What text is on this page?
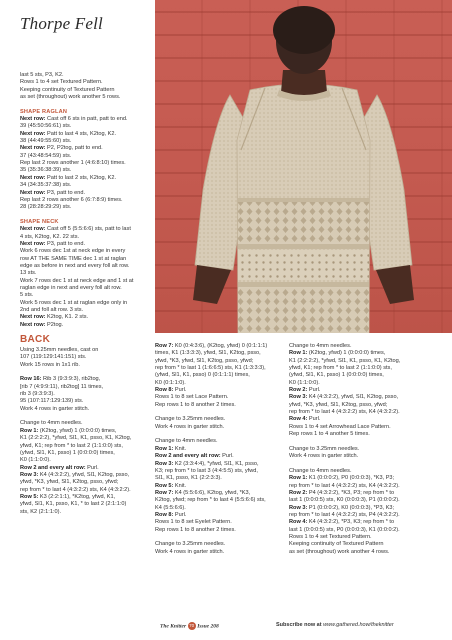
Thorpe Fell

last 5 sts, P3, K2.

Rows 1 to 4 set Textured Pattern.

Keeping continuity of Textured Pattern

as set (throughout) work another 5 rows.

SHAPE RAGLAN

Next row: Cast off 6 sts in patt, patt to end.

39 (45:50:56:61) sts.

Next row: Patt to last 4 sts, K2tog, K2.

38 (44:49:55:60) sts.

Next row: P2, P2tog, patt to end.

37 (43:48:54:59) sts.

Rep last 2 rows another 1 (4:6:8:10) times.

35 (35:36:38:39) sts.

Next row: Patt to last 2 sts, K2tog, K2.

34 (34:35:37:38) sts.

Next row: P3, patt to end.

Rep last 2 rows another 6 (6:7:8:9) times.

28 (28:28:29:29) sts.

SHAPE NECK

Next row: Cast off 5 (5:5:6:6) sts, patt to last

4 sts, K2tog, K2. 22 sts.

Next row: P3, patt to end.

Work 6 rows dec 1st at neck edge in every

row AT THE SAME TIME dec 1 st at raglan

edge as before in next and every foll alt row.

13 sts.

Work 7 rows dec 1 st at neck edge and 1 st at

raglan edge in next and every foll alt row.

5 sts.

Work 5 rows dec 1 st at raglan edge only in

2nd and foll alt row. 3 sts.

Next row: K2tog, K1. 2 sts.

Next row: P2tog.

BACK

Using 3.25mm needles, cast on

107 (119:129:141:151) sts.

Work 15 rows in 1x1 rib.

Row 16: Rib 3 (9:3:9:3), rib2tog,

[rib 7 (4:9:9:11), rib2tog] 11 times,

rib 3 (9:3:9:3).

95 (107:117:129:139) sts.

Work 4 rows in garter stitch.

Change to 4mm needles.

Row 1: (K2tog, yfwd) 1 (0:0:0:0) times,

K1 (2:2:2:2), *yfwd, Sl1, K1, psso, K1, K2tog,

yfwd, K1; rep from * to last 2 (1:1:0:0) sts,

(yfwd, Sl1, K1, psso) 1 (0:0:0:0) times,

K0 (1:1:0:0).

Row 2 and every alt row: Purl.

Row 3: K4 (4:3:2:2), yfwd, Sl1, K2tog, psso,

yfwd, *K3, yfwd, Sl1, K2tog, psso, yfwd;

rep from * to last 4 (4:3:2:2) sts, K4 (4:3:2:2).

Row 5: K3 (2:2:1:1), *K2tog, yfwd, K1,

yfwd, Sl1, K1, psso, K1, * to last 2 (2:1:1:0)

sts, K2 (2:1:1:0).

Row 7: K0 (0:4:3:6), (K2tog, yfwd) 0 (0:1:1:1)

times, K1 (1:3:3:3), yfwd, Sl1, K2tog, psso,

yfwd, *K3, yfwd, Sl1, K2tog, psso, yfwd;

rep from * to last 1 (1:6:6:5) sts, K1 (1:3:3:3),

(yfwd, Sl1, K1, psso) 0 (0:1:1:1) times,

K0 (0:1:1:0).

Row 8: Purl.

Rows 1 to 8 set Lace Pattern.

Rep rows 1 to 8 another 2 times.

Change to 3.25mm needles.

Work 4 rows in garter stitch.

Change to 4mm needles.

Row 1: Knit.

Row 2 and every alt row: Purl.

Row 3: K2 (3:3:4:4), *yfwd, Sl1, K1, psso,

K3; rep from * to last 3 (4:4:5:5) sts, yfwd,

Sl1, K1, psso, K1 (2:2:3:3).

Row 5: Knit.

Row 7: K4 (5:5:6:6), K2tog, yfwd, *K3,

K2tog, yfwd; rep from * to last 4 (5:5:6:6) sts,

K4 (5:5:6:6).

Row 8: Purl.

Rows 1 to 8 set Eyelet Pattern.

Rep rows 1 to 8 another 2 times.

Change to 3.25mm needles.

Work 4 rows in garter stitch.

Change to 4mm needles.

Row 1: (K2tog, yfwd) 1 (0:0:0:0) times,

K1 (2:2:2:2), *yfwd, Sl1, K1, psso, K1, K2tog,

yfwd, K1; rep from * to last 2 (1:1:0:0) sts,

(yfwd, Sl1, K1, psso) 1 (0:0:0:0) times,

K0 (1:1:0:0).

Row 2: Purl.

Row 3: K4 (4:3:2:2), yfwd, Sl1, K2tog, psso,

yfwd, *K3, yfwd, Sl1, K2tog, psso, yfwd;

rep from * to last 4 (4:3:2:2) sts, K4 (4:3:2:2).

Row 4: Purl.

Rows 1 to 4 set Arrowhead Lace Pattern.

Rep rows 1 to 4 another 5 times.

Change to 3.25mm needles.

Work 4 rows in garter stitch.

Change to 4mm needles.

Row 1: K1 (0:0:0:2), P0 (0:0:0:3), *K3, P3;

rep from * to last 4 (4:3:2:2) sts, K4 (4:3:2:2).

Row 2: P4 (4:3:2:2), *K3, P3; rep from * to

last 1 (0:0:0:5) sts, K0 (0:0:0:3), P1 (0:0:0:2).

Row 3: P1 (0:0:0:2), K0 (0:0:0:3), *P3, K3;

rep from * to last 4 (4:3:2:2) sts, P4 (4:3:2:2).

Row 4: K4 (4:3:2:2), *P3, K3; rep from * to

last 1 (0:0:0:5) sts, P0 (0:0:0:3), K1 (0:0:0:2).

Rows 1 to 4 set Textured Pattern.

Keeping continuity of Textured Pattern

as set (throughout) work another 4 rows.

The Knitter 70 Issue 208	Subscribe now at www.gathered.how/theknitter
